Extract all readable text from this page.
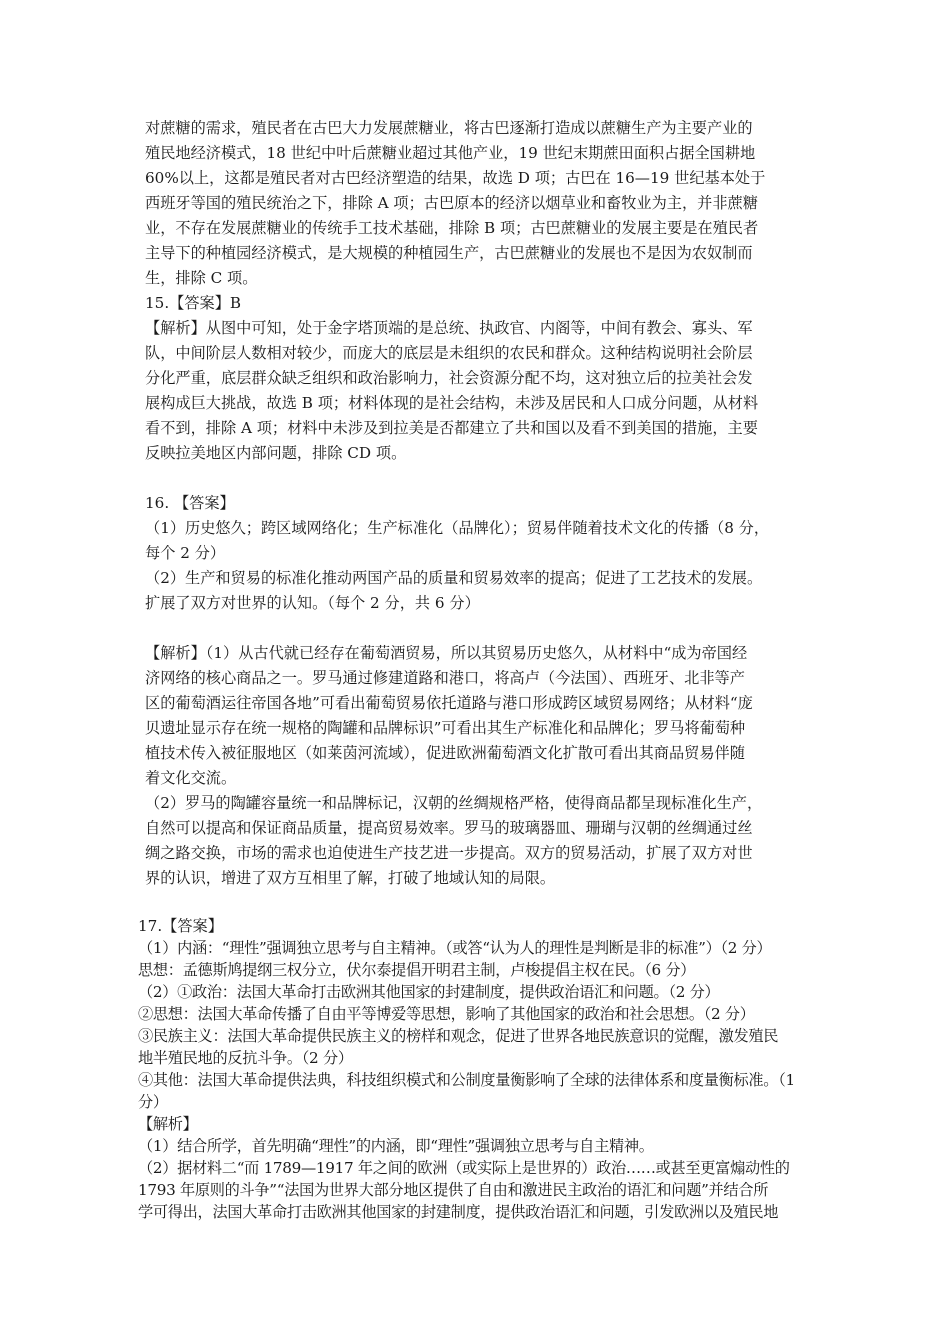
对蔗糖的需求，殖民者在古巴大力发展蔗糖业，将古巴逐渐打造成以蔗糖生产为主要产业的
殖民地经济模式，18 世纪中叶后蔗糖业超过其他产业，19 世纪末期蔗田面积占据全国耕地
60%以上，这都是殖民者对古巴经济塑造的结果，故选 D 项；古巴在 16—19 世纪基本处于
西班牙等国的殖民统治之下，排除 A 项；古巴原本的经济以烟草业和畜牧业为主，并非蔗糖
业，不存在发展蔗糖业的传统手工技术基础，排除 B 项；古巴蔗糖业的发展主要是在殖民者
主导下的种植园经济模式，是大规模的种植园生产，古巴蔗糖业的发展也不是因为农奴制而
生，排除 C 项。
15.【答案】B
【解析】从图中可知，处于金字塔顶端的是总统、执政官、内阁等，中间有教会、寡头、军
队，中间阶层人数相对较少，而庞大的底层是未组织的农民和群众。这种结构说明社会阶层
分化严重，底层群众缺乏组织和政治影响力，社会资源分配不均，这对独立后的拉美社会发
展构成巨大挑战，故选 B 项；材料体现的是社会结构，未涉及居民和人口成分问题，从材料
看不到，排除 A 项；材料中未涉及到拉美是否都建立了共和国以及看不到美国的措施，主要
反映拉美地区内部问题，排除 CD 项。
16. 【答案】
（1）历史悠久；跨区域网络化；生产标准化（品牌化）；贸易伴随着技术文化的传播（8 分，
每个 2 分）
（2）生产和贸易的标准化推动两国产品的质量和贸易效率的提高；促进了工艺技术的发展。
扩展了双方对世界的认知。（每个 2 分，共 6 分）
【解析】（1）从古代就已经存在葡萄酒贸易，所以其贸易历史悠久，从材料中“成为帝国经
济网络的核心商品之一。罗马通过修建道路和港口，将高卢（今法国）、西班牙、北非等产
区的葡萄酒运往帝国各地”可看出葡萄贸易依托道路与港口形成跨区域贸易网络；从材料“庞
贝遗址显示存在统一规格的陶罐和品牌标识”可看出其生产标准化和品牌化；罗马将葡萄种
植技术传入被征服地区（如莱茵河流域），促进欧洲葡萄酒文化扩散可看出其商品贸易伴随
着文化交流。
（2）罗马的陶罐容量统一和品牌标记，汉朝的丝绸规格严格，使得商品都呈现标准化生产，
自然可以提高和保证商品质量，提高贸易效率。罗马的玻璃器皿、珊瑚与汉朝的丝绸通过丝
绸之路交换，市场的需求也迫使进生产技艺进一步提高。双方的贸易活动，扩展了双方对世
界的认识，增进了双方互相里了解，打破了地域认知的局限。
17.【答案】
（1）内涵：“理性”强调独立思考与自主精神。（或答“认为人的理性是判断是非的标准”）（2 分）
思想：孟德斯鸠提纲三权分立，伏尔泰提倡开明君主制，卢梭提倡主权在民。（6 分）
（2）①政治：法国大革命打击欧洲其他国家的封建制度，提供政治语汇和问题。（2 分）
②思想：法国大革命传播了自由平等博爱等思想，影响了其他国家的政治和社会思想。（2 分）
③民族主义：法国大革命提供民族主义的榜样和观念，促进了世界各地民族意识的觉醒，激发殖民
地半殖民地的反抗斗争。（2 分）
④其他：法国大革命提供法典，科技组织模式和公制度量衡影响了全球的法律体系和度量衡标准。（1
分）
【解析】
（1）结合所学，首先明确“理性”的内涵，即“理性”强调独立思考与自主精神。
（2）据材料二“而 1789—1917 年之间的欧洲（或实际上是世界的）政治……或甚至更富煽动性的
1793 年原则的斗争”“法国为世界大部分地区提供了自由和激进民主政治的语汇和问题”并结合所
学可得出，法国大革命打击欧洲其他国家的封建制度，提供政治语汇和问题，引发欧洲以及殖民地
